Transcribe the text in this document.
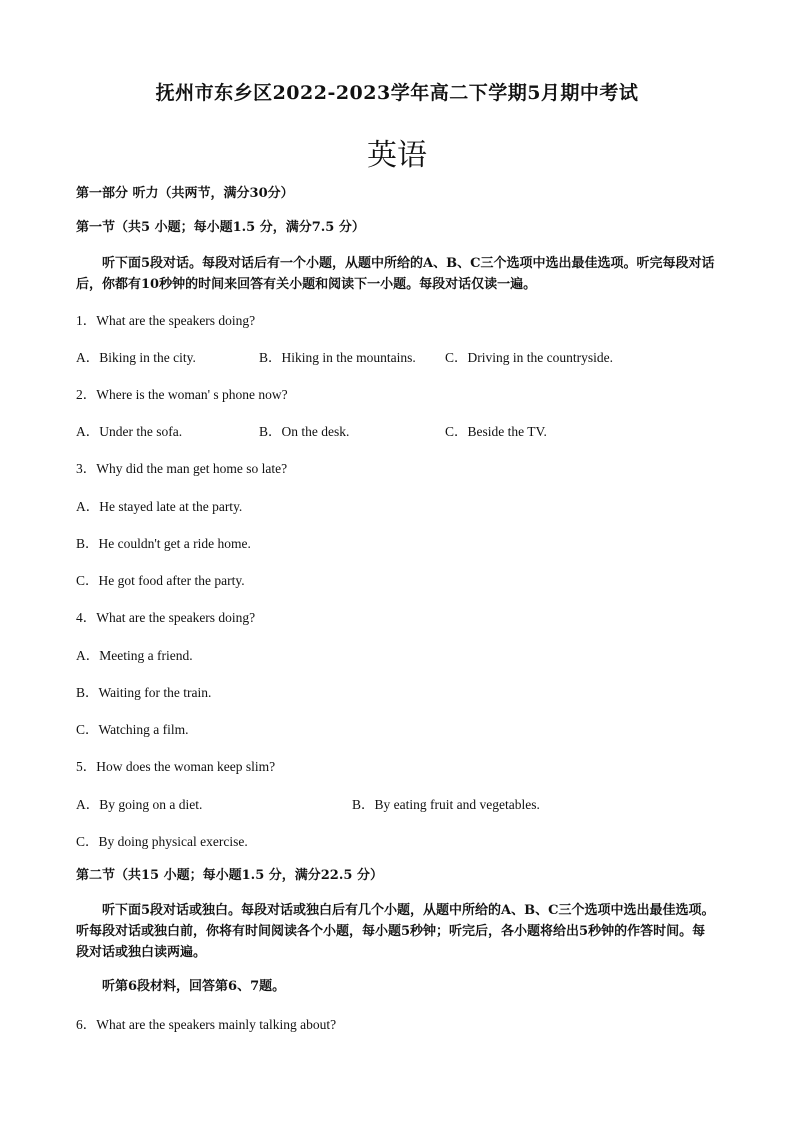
抚州市东乡区2022-2023学年高二下学期5月期中考试
英语
第一部分 听力（共两节，满分30分）
第一节（共5 小题；每小题1.5 分，满分7.5 分）
听下面5段对话。每段对话后有一个小题，从题中所给的A、B、C三个选项中选出最佳选项。听完每段对话后，你都有10秒钟的时间来回答有关小题和阅读下一小题。每段对话仅读一遍。
1．What are the speakers doing?
A．Biking in the city.	B．Hiking in the mountains. C．Driving in the countryside.
2．Where is the woman' s phone now?
A．Under the sofa.	B．On the desk.	C．Beside the TV.
3．Why did the man get home so late?
A．He stayed late at the party.
B．He couldn't get a ride home.
C．He got food after the party.
4．What are the speakers doing?
A．Meeting a friend.
B．Waiting for the train.
C．Watching a film.
5．How does the woman keep slim?
A．By going on a diet.	B．By eating fruit and vegetables.
C．By doing physical exercise.
第二节（共15 小题；每小题1.5 分，满分22.5 分）
听下面5段对话或独白。每段对话或独白后有几个小题，从题中所给的A、B、C三个选项中选出最佳选项。听每段对话或独白前，你将有时间阅读各个小题，每小题5秒钟；听完后，各小题将给出5秒钟的作答时间。每段对话或独白读两遍。
听第6段材料，回答第6、7题。
6．What are the speakers mainly talking about?
